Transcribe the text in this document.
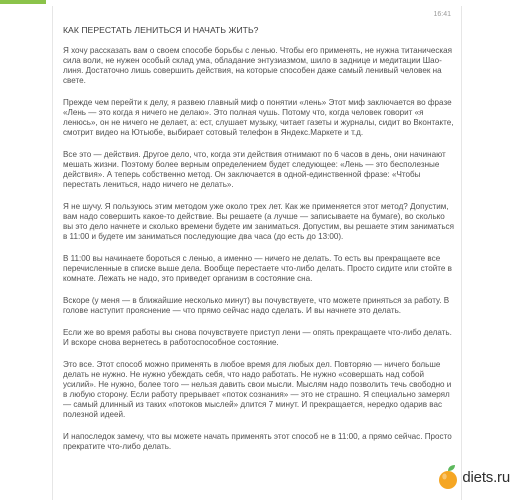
16:41
КАК ПЕРЕСТАТЬ ЛЕНИТЬСЯ И НАЧАТЬ ЖИТЬ?

Я хочу рассказать вам о своем способе борьбы с ленью. Чтобы его применять, не нужна титаническая сила воли, не нужен особый склад ума, обладание энтузиазмом, шило в заднице и медитации Шао-линя. Достаточно лишь совершить действия, на которые способен даже самый ленивый человек на свете.

Прежде чем перейти к делу, я развею главный миф о понятии «лень» Этот миф заключается во фразе «Лень — это когда я ничего не делаю». Это полная чушь. Потому что, когда человек говорит «я ленюсь», он не ничего не делает, а: ест, слушает музыку, читает газеты и журналы, сидит во Вконтакте, смотрит видео на Ютьюбе, выбирает сотовый телефон в Яндекс.Маркете и т.д.

Все это — действия. Другое дело, что, когда эти действия отнимают по 6 часов в день, они начинают мешать жизни. Поэтому более верным определением будет следующее: «Лень — это бесполезные действия». А теперь собственно метод. Он заключается в одной-единственной фразе: «Чтобы перестать лениться, надо ничего не делать».

Я не шучу. Я пользуюсь этим методом уже около трех лет. Как же применяется этот метод? Допустим, вам надо совершить какое-то действие. Вы решаете (а лучше — записываете на бумаге), во сколько вы это дело начнете и сколько времени будете им заниматься. Допустим, вы решаете этим заниматься в 11:00 и будете им заниматься последующие два часа (до есть до 13:00).

В 11:00 вы начинаете бороться с ленью, а именно — ничего не делать. То есть вы прекращаете все перечисленные в списке выше дела. Вообще перестаете что-либо делать. Просто сидите или стойте в комнате. Лежать не надо, это приведет организм в состояние сна.

Вскоре (у меня — в ближайшие несколько минут) вы почувствуете, что можете приняться за работу. В голове наступит прояснение — что прямо сейчас надо сделать. И вы начнете это делать.

Если же во время работы вы снова почувствуете приступ лени — опять прекращаете что-либо делать. И вскоре снова вернетесь в работоспособное состояние.

Это все. Этот способ можно применять в любое время для любых дел. Повторяю — ничего больше делать не нужно. Не нужно убеждать себя, что надо работать. Не нужно «совершать над собой усилий». Не нужно, более того — нельзя давить свои мысли. Мыслям надо позволить течь свободно и в любую сторону. Если работу прерывает «поток сознания» — это не страшно. Я специально замерял — самый длинный из таких «потоков мыслей» длится 7 минут. И прекращается, нередко одарив вас полезной идеей.

И напоследок замечу, что вы можете начать применять этот способ не в 11:00, а прямо сейчас. Просто прекратите что-либо делать.

diets.ru
